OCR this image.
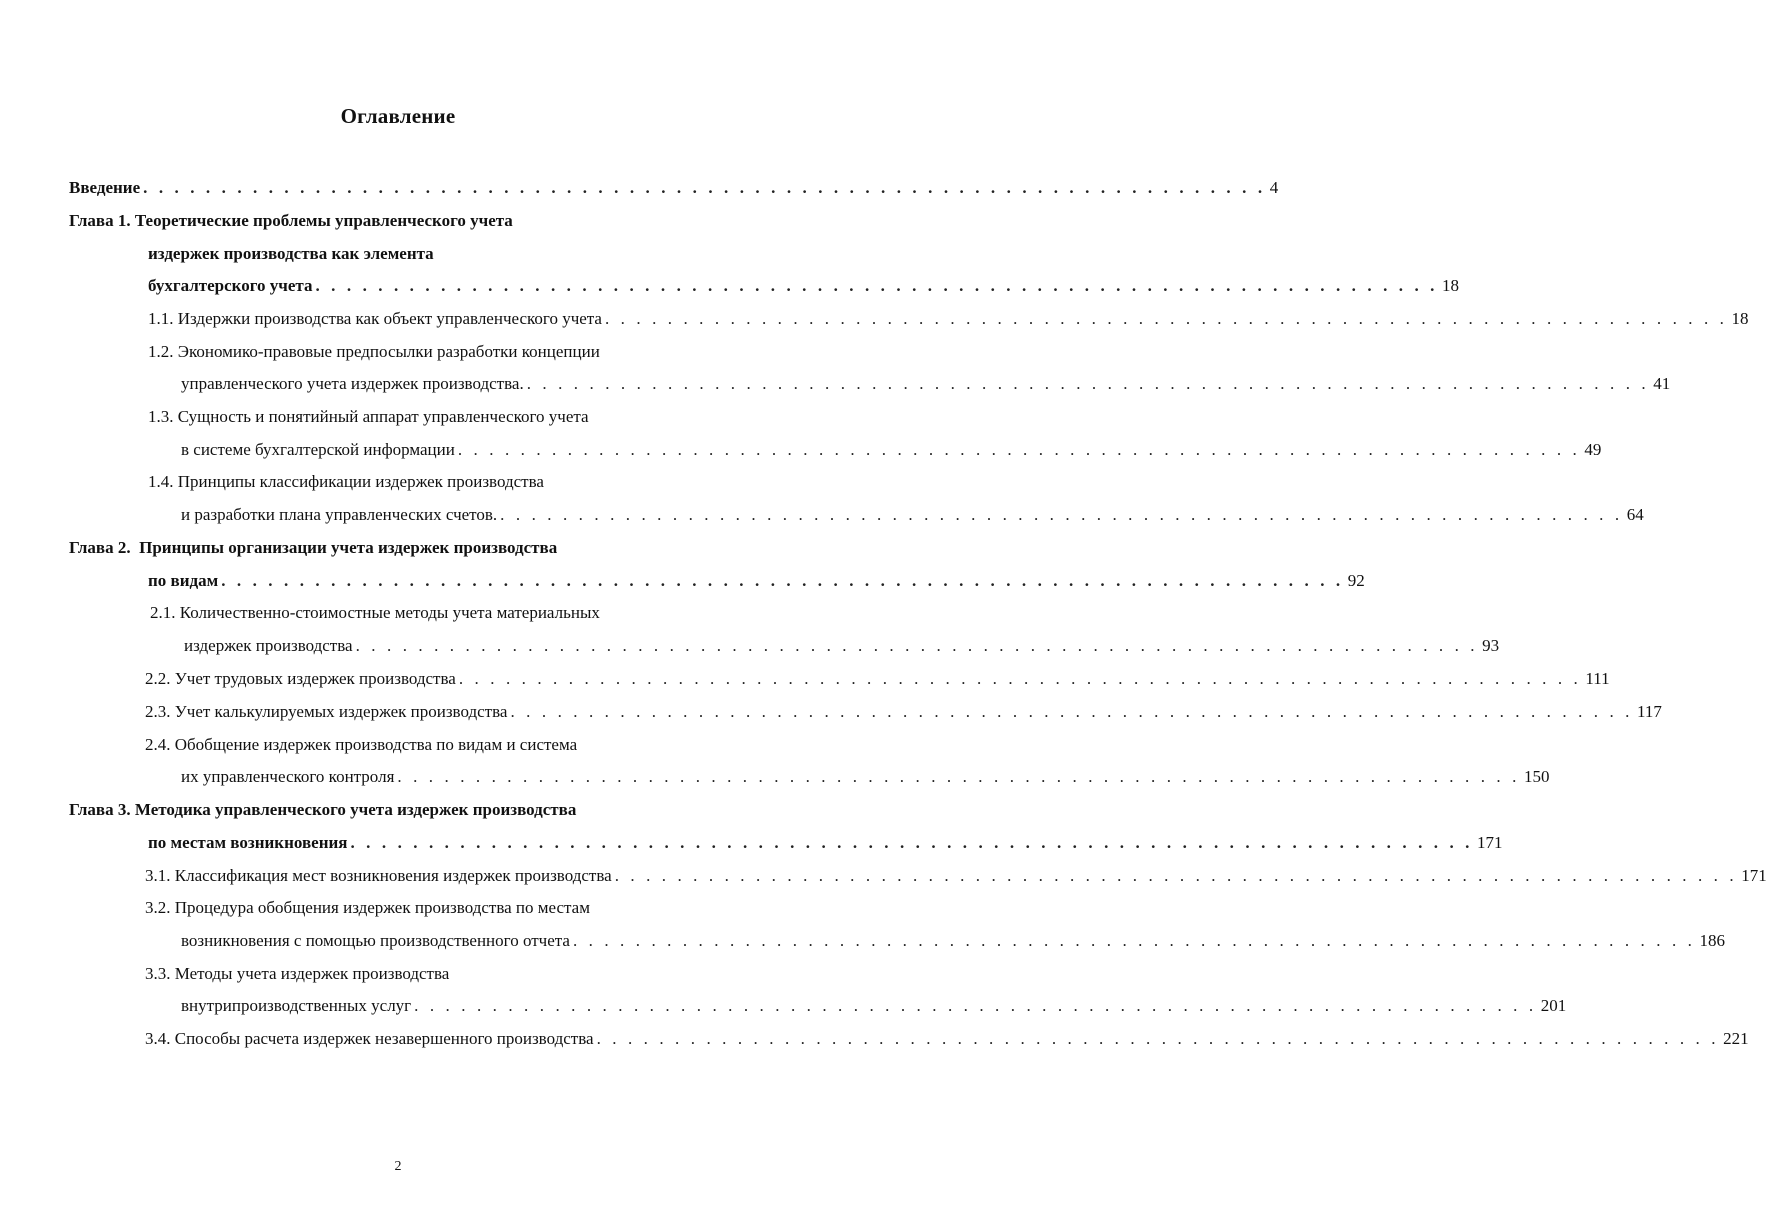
Оглавление
Введение . . . . . . . . . . . . . . . . . . . . . . . . . . . . . . . . . . . . . . . . . . . . . . . . . . . . . . . . . . . . . . . . . . . . . . . . 4
Глава 1. Теоретические проблемы управленческого учета
издержек производства как элемента
бухгалтерского учета . . . . . . . . . . . . . . . . . . . . . . . . . . . . . . . . . . . . . . . . . . . . . . . . . . . . . . . . . . . . . . . . . . . . . . . . 18
1.1. Издержки производства как объект управленческого учета . . . . . . . . . . . . . . . . . . . . . . . . . . . . . . . . . . . . . . . . . . . . . . . . . . . . . . . . . . . . . . . . . . . . . . . . 18
1.2. Экономико-правовые предпосылки разработки концепции
управленческого учета издержек производства. . . . . . . . . . . . . . . . . . . . . . . . . . . . . . . . . . . . . . . . . . . . . . . . . . . . . . . . . . . . . . . . . . . . . . . . . 41
1.3. Сущность и понятийный аппарат управленческого учета
в системе бухгалтерской информации . . . . . . . . . . . . . . . . . . . . . . . . . . . . . . . . . . . . . . . . . . . . . . . . . . . . . . . . . . . . . . . . . . . . . . . . 49
1.4. Принципы классификации издержек производства
и разработки плана управленческих счетов. . . . . . . . . . . . . . . . . . . . . . . . . . . . . . . . . . . . . . . . . . . . . . . . . . . . . . . . . . . . . . . . . . . . . . . . . 64
Глава 2.  Принципы организации учета издержек производства
по видам . . . . . . . . . . . . . . . . . . . . . . . . . . . . . . . . . . . . . . . . . . . . . . . . . . . . . . . . . . . . . . . . . . . . . . . . 92
2.1. Количественно-стоимостные методы учета материальных
издержек производства . . . . . . . . . . . . . . . . . . . . . . . . . . . . . . . . . . . . . . . . . . . . . . . . . . . . . . . . . . . . . . . . . . . . . . . . 93
2.2. Учет трудовых издержек производства . . . . . . . . . . . . . . . . . . . . . . . . . . . . . . . . . . . . . . . . . . . . . . . . . . . . . . . . . . . . . . . . . . . . . . . . 111
2.3. Учет калькулируемых издержек производства . . . . . . . . . . . . . . . . . . . . . . . . . . . . . . . . . . . . . . . . . . . . . . . . . . . . . . . . . . . . . . . . . . . . . . . . 117
2.4. Обобщение издержек производства по видам и система
их управленческого контроля . . . . . . . . . . . . . . . . . . . . . . . . . . . . . . . . . . . . . . . . . . . . . . . . . . . . . . . . . . . . . . . . . . . . . . . . 150
Глава 3. Методика управленческого учета издержек производства
по местам возникновения . . . . . . . . . . . . . . . . . . . . . . . . . . . . . . . . . . . . . . . . . . . . . . . . . . . . . . . . . . . . . . . . . . . . . . . . 171
3.1. Классификация мест возникновения издержек производства . . . . . . . . . . . . . . . . . . . . . . . . . . . . . . . . . . . . . . . . . . . . . . . . . . . . . . . . . . . . . . . . . . . . . . . . 171
3.2. Процедура обобщения издержек производства по местам
возникновения с помощью производственного отчета . . . . . . . . . . . . . . . . . . . . . . . . . . . . . . . . . . . . . . . . . . . . . . . . . . . . . . . . . . . . . . . . . . . . . . . . 186
3.3. Методы учета издержек производства
внутрипроизводственных услуг . . . . . . . . . . . . . . . . . . . . . . . . . . . . . . . . . . . . . . . . . . . . . . . . . . . . . . . . . . . . . . . . . . . . . . . . 201
3.4. Способы расчета издержек незавершенного производства . . . . . . . . . . . . . . . . . . . . . . . . . . . . . . . . . . . . . . . . . . . . . . . . . . . . . . . . . . . . . . . . . . . . . . . . 221
2
